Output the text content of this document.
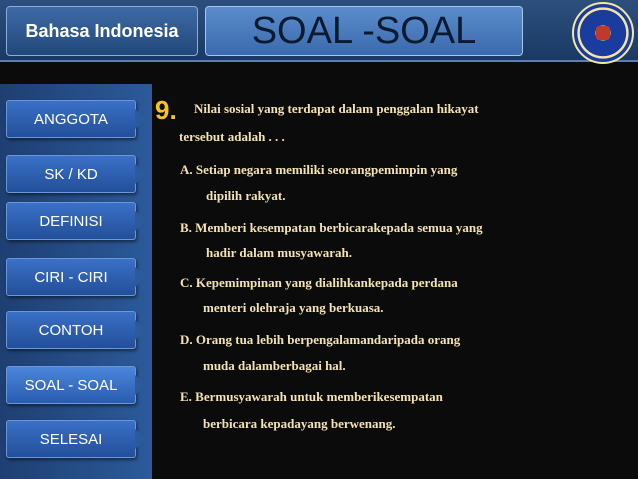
Bahasa Indonesia	SOAL -SOAL
ANGGOTA
SK / KD
DEFINISI
CIRI - CIRI
CONTOH
SOAL - SOAL
SELESAI
9. Nilai sosial yang terdapat dalam penggalan hikayat
tersebut adalah . . .
A. Setiap negara memiliki seorangpemimpin yang
dipilih rakyat.
B. Memberi kesempatan berbicarakepada semua yang
hadir dalam musyawarah.
C. Kepemimpinan yang dialihkankepada perdana
menteri olehraja yang berkuasa.
D. Orang tua lebih berpengalamandaripada orang
muda dalamberbagai hal.
E. Bermusyawarah untuk memberikesempatan
berbicara kepadayang berwenang.
